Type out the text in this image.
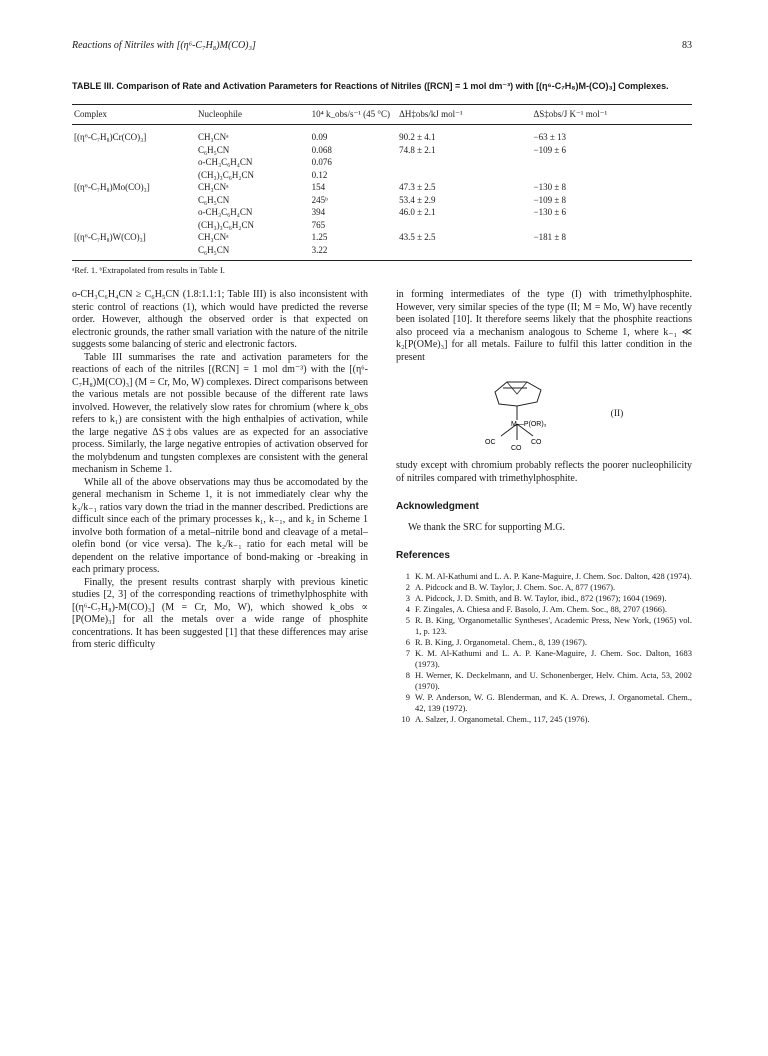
Reactions of Nitriles with [(η⁶-C₇H₈)M(CO)₃]	83
TABLE III. Comparison of Rate and Activation Parameters for Reactions of Nitriles ([RCN] = 1 mol dm⁻³) with [(η⁶-C₇H₈)M-(CO)₃] Complexes.
Complex	Nucleophile	10⁴ k_obs/s⁻¹ (45 °C)	ΔH‡obs/kJ mol⁻¹	ΔS‡obs/J K⁻¹ mol⁻¹
[(η⁶-C₇H₈)Cr(CO)₃]	CH₃CNᵃ	0.09	90.2 ± 4.1	−63 ± 13
	C₆H₅CN	0.068	74.8 ± 2.1	−109 ± 6
	o-CH₃C₆H₄CN	0.076		
	(CH₃)₃C₆H₂CN	0.12		
[(η⁶-C₇H₈)Mo(CO)₃]	CH₃CNᵃ	154	47.3 ± 2.5	−130 ± 8
	C₆H₅CN	245ᵇ	53.4 ± 2.9	−109 ± 8
	o-CH₃C₆H₄CN	394	46.0 ± 2.1	−130 ± 6
	(CH₃)₃C₆H₂CN	765		
[(η⁶-C₇H₈)W(CO)₃]	CH₃CNᵃ	1.25	43.5 ± 2.5	−181 ± 8
	C₆H₅CN	3.22		
ᵃRef. 1. ᵇExtrapolated from results in Table I.

o-CH₃C₆H₄CN ≥ C₆H₅CN (1.8:1.1:1; Table III) is also inconsistent with steric control of reactions (1), which would have predicted the reverse order. However, although the observed order is that expected on electronic grounds, the rather small variation with the nature of the nitrile suggests some balancing of steric and electronic factors.

Table III summarises the rate and activation parameters for the reactions of each of the nitriles [(RCN] = 1 mol dm⁻³) with the [(η⁶-C₇H₈)M(CO)₃] (M = Cr, Mo, W) complexes. Direct comparisons between the various metals are not possible because of the different rate laws involved. However, the relatively slow rates for chromium (where k_obs refers to k₁) are consistent with the high enthalpies of activation, while the large negative ΔS‡obs values are as expected for an associative process. Similarly, the large negative entropies of activation observed for the molybdenum and tungsten complexes are consistent with the general mechanism in Scheme 1.

While all of the above observations may thus be accomodated by the general mechanism in Scheme 1, it is not immediately clear why the k₂/k₋₁ ratios vary down the triad in the manner described. Predictions are difficult since each of the primary processes k₁, k₋₁, and k₂ in Scheme 1 involve both formation of a metal–nitrile bond and cleavage of a metal–olefin bond (or vice versa). The k₂/k₋₁ ratio for each metal will be dependent on the relative importance of bond-making or -breaking in each primary process.

Finally, the present results contrast sharply with previous kinetic studies [2, 3] of the corresponding reactions of trimethylphosphite with [(η⁶-C₇H₈)-M(CO)₃] (M = Cr, Mo, W), which showed k_obs ∝ [P(OMe)₃] for all the metals over a wide range of phosphite concentrations. It has been suggested [1] that these differences may arise from steric difficulty

in forming intermediates of the type (I) with trimethylphosphite. However, very similar species of the type (II; M = Mo, W) have recently been isolated [10]. It therefore seems likely that the phosphite reactions also proceed via a mechanism analogous to Scheme 1, where k₋₁ ≪ k₂[P(OMe)₃] for all metals. Failure to fulfil this latter condition in the present

M—P(OR)₃
OC	CO
CO
(II)

study except with chromium probably reflects the poorer nucleophilicity of nitriles compared with trimethylphosphite.

Acknowledgment

We thank the SRC for supporting M.G.

References
1 K. M. Al-Kathumi and L. A. P. Kane-Maguire, J. Chem. Soc. Dalton, 428 (1974).
2 A. Pidcock and B. W. Taylor, J. Chem. Soc. A, 877 (1967).
3 A. Pidcock, J. D. Smith, and B. W. Taylor, ibid., 872 (1967); 1604 (1969).
4 F. Zingales, A. Chiesa and F. Basolo, J. Am. Chem. Soc., 88, 2707 (1966).
5 R. B. King, 'Organometallic Syntheses', Academic Press, New York, (1965) vol. 1, p. 123.
6 R. B. King, J. Organometal. Chem., 8, 139 (1967).
7 K. M. Al-Kathumi and L. A. P. Kane-Maguire, J. Chem. Soc. Dalton, 1683 (1973).
8 H. Werner, K. Deckelmann, and U. Schonenberger, Helv. Chim. Acta, 53, 2002 (1970).
9 W. P. Anderson, W. G. Blenderman, and K. A. Drews, J. Organometal. Chem., 42, 139 (1972).
10 A. Salzer, J. Organometal. Chem., 117, 245 (1976).
